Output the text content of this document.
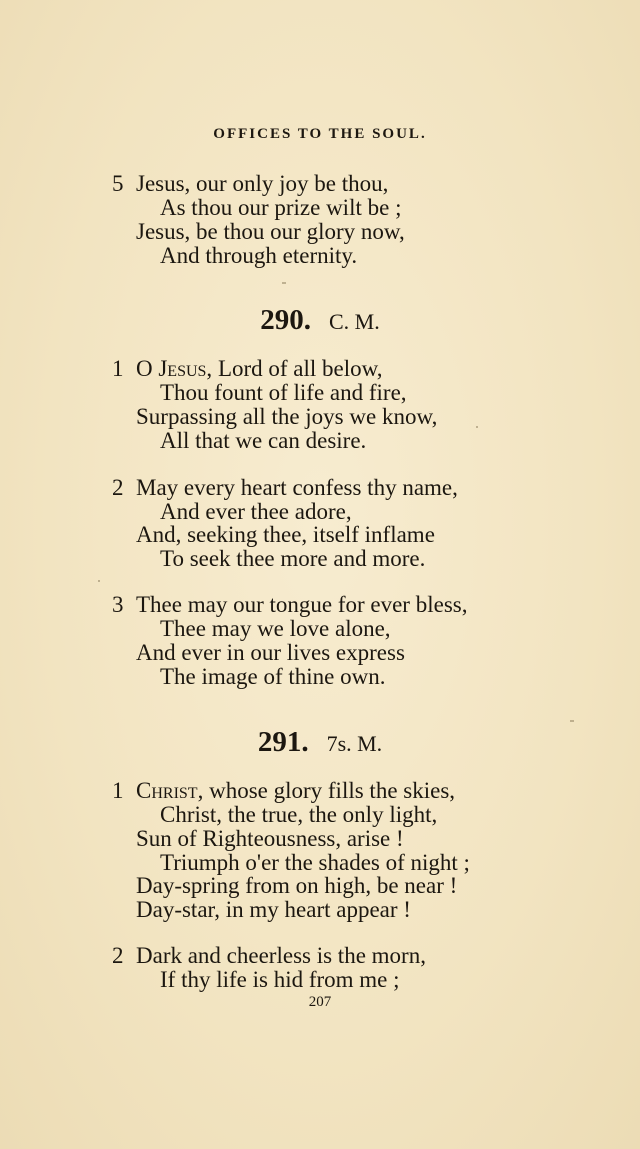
OFFICES TO THE SOUL.
5 Jesus, our only joy be thou,
As thou our prize wilt be ;
Jesus, be thou our glory now,
And through eternity.
290. C. M.
1 O Jesus, Lord of all below,
Thou fount of life and fire,
Surpassing all the joys we know,
All that we can desire.
2 May every heart confess thy name,
And ever thee adore,
And, seeking thee, itself inflame
To seek thee more and more.
3 Thee may our tongue for ever bless,
Thee may we love alone,
And ever in our lives express
The image of thine own.
291. 7s. M.
1 Christ, whose glory fills the skies,
Christ, the true, the only light,
Sun of Righteousness, arise !
Triumph o'er the shades of night ;
Day-spring from on high, be near !
Day-star, in my heart appear !
2 Dark and cheerless is the morn,
If thy life is hid from me ;
207
